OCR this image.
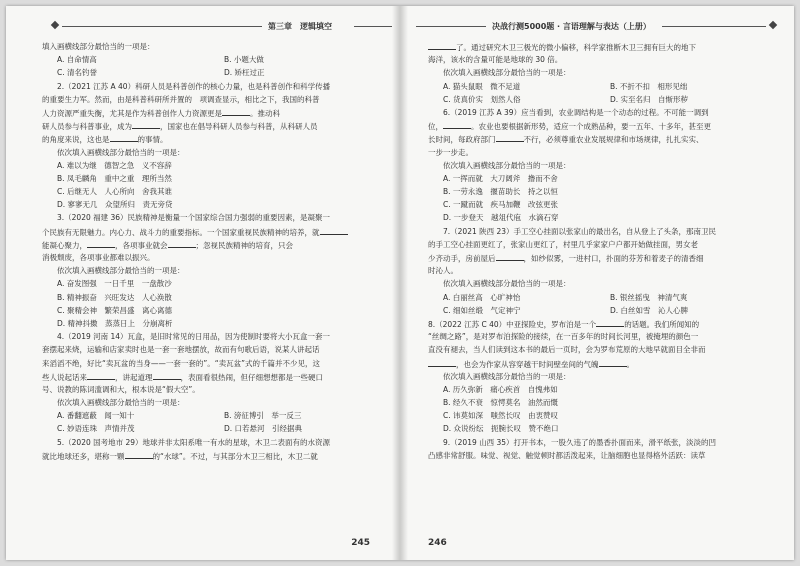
第三章　逻辑填空
填入画横线部分最恰当的一项是：
A. 自命情高	B. 小题大做
C. 清名钓誉	D. 矫枉过正
2.（2021 江苏 A 40）科研人员是科普创作的核心力量，也是科普创作和科学传播
的重要生力军。然而，由是科普科研所并置的　项调查显示，相比之下，我国的科普
人力资源严重失衡，尤其是作为科普创作人力资源更是	。推动科
研人员参与科普事业，成为	，国家也在倡导科研人员参与科普，从科研人员
的角度来说，这也是	的事情。
依次填入画横线部分最恰当的一项是：
A. 难以为继　德智之急　义不容辞
B. 凤毛麟角　重中之重　理所当然
C. 后继无人　人心所向　舍我其谁
D. 寥寥无几　众望所归　责无旁贷
3.（2020 福建 36）民族精神是衡量一个国家综合国力强弱的重要因素，是凝聚一
个民族有无限魅力。内心力、战斗力的重要指标。一个国家重视民族精神的培养，就
能凝心聚力，	，各项事业就会	；忽视民族精神的培育，只会
消极颓废，各项事业都难以振兴。
依次填入画横线部分最恰当的一项是：
A. 奋发图强　一日千里　一盘散沙
B. 精神振奋　兴旺发达　人心涣散
C. 聚精会神　繁荣昌盛　离心离德
D. 精神抖擞　蒸蒸日上　分崩离析
4.（2019 河南 14）瓦盒，是旧时常见的日用品，因为使制时要将大小瓦盒一套一
套摆起来烧，运输和店家卖时也是一套一套地摆放，故而有句歌后语，说某人讲起话
来滔滔不绝，好比“卖瓦盆的当身——一套一套的”。“卖瓦盆”式的千篇并不少见，这
些人说起话来	，讲起道理	，表面看很热闹，但仔细想想都是一些硬口
号、说教的陈词滥调和大，根本说是“假大空”。
依次填入画横线部分最恰当的一项是：
A. 番翻遮蔽　闻一知十	B. 滂征博引　举一反三
C. 妙语连珠　声情并茂	D. 口若悬河　引经据典
5.（2020 国考地市 29）地球并非太阳系唯一有水的星球，木卫二表面有的水资源
就比地球还多，堪称一颗	的“水球”。不过，与其部分木卫三相比，木卫二就
245
决战行测5000题 · 言语理解与表达（上册）
了。通过研究木卫三极光的微小偏移，科学家推断木卫三拥有巨大的地下
海洋，该水的含量可能是地球的 30 倍。
依次填入画横线部分最恰当的一项是：
A. 猫头鼠眼　微不足道	B. 不折不扣　相形见绌
C. 货真价实　划然人俗	D. 实至名归　自惭形秽
6.（2019 江苏 A 39）应当看到，农业调结构是一个动态的过程。不可能一调到
位，	。农业也要根据新形势，适应一个成熟品种，要一五年、十多年，甚至更
长时间，每政府部门	不行，必须尊重农业发展规律和市场规律，扎扎实实、
一步一步走。
依次填入画横线部分最恰当的一项是：
A. 一挥而就　大刀阔斧　撸而不舍
B. 一劳永逸　揠苗助长　持之以恒
C. 一蹴而就　疾马加鞭　改弦更张
D. 一步登天　越俎代庖　水滴石穿
7.（2021 陕西 23）手工空心挂面以张家山的最出名，自从登上了头条，那南卫民
的手工空心挂面更红了，张家山更红了，村里几乎家家户户都开始做挂面，男女老
少齐动手，房前屋后	，如纱似雾，一进村口，扑面的芬芳和着麦子的清香细
时沁人。
依次填入画横线部分最恰当的一项是：
A. 白丽丝高　心旷神怡	B. 银丝摇曳　神清气爽
C. 细如丝缎　气定神宁	D. 白丝如雪　沁人心脾
8.（2022 江苏 C 40）中亚探险史，罗布泊是一个	的话题。我们所闻知的
“丝绸之路”，是对罗布泊探险的接续，在一百多年的时间长河里，被掩埋的颜色一
直没有褪去，当人们读到这本书的最后一页时，会为罗布荒原的大地早就面目全非而
，也会为作家从容穿越干时间壁垒间的气魄	。
依次填入画横线部分最恰当的一项是：
A. 历久弥新　痛心疾首　自愧弗如
B. 经久不衰　惊愕莫名　油然而慨
C. 讳莫如深　嗤然长叹　由衷赞叹
D. 众说纷纭　扼腕长叹　赞不绝口
9.（2019 山西 35）打开书本，一股久违了的墨香扑面而来，滑平纸张，淡淡的凹
凸感非常舒服。味觉、视觉、触觉顿时都活泼起来，让脑细胞也显得格外活跃：读草
246
